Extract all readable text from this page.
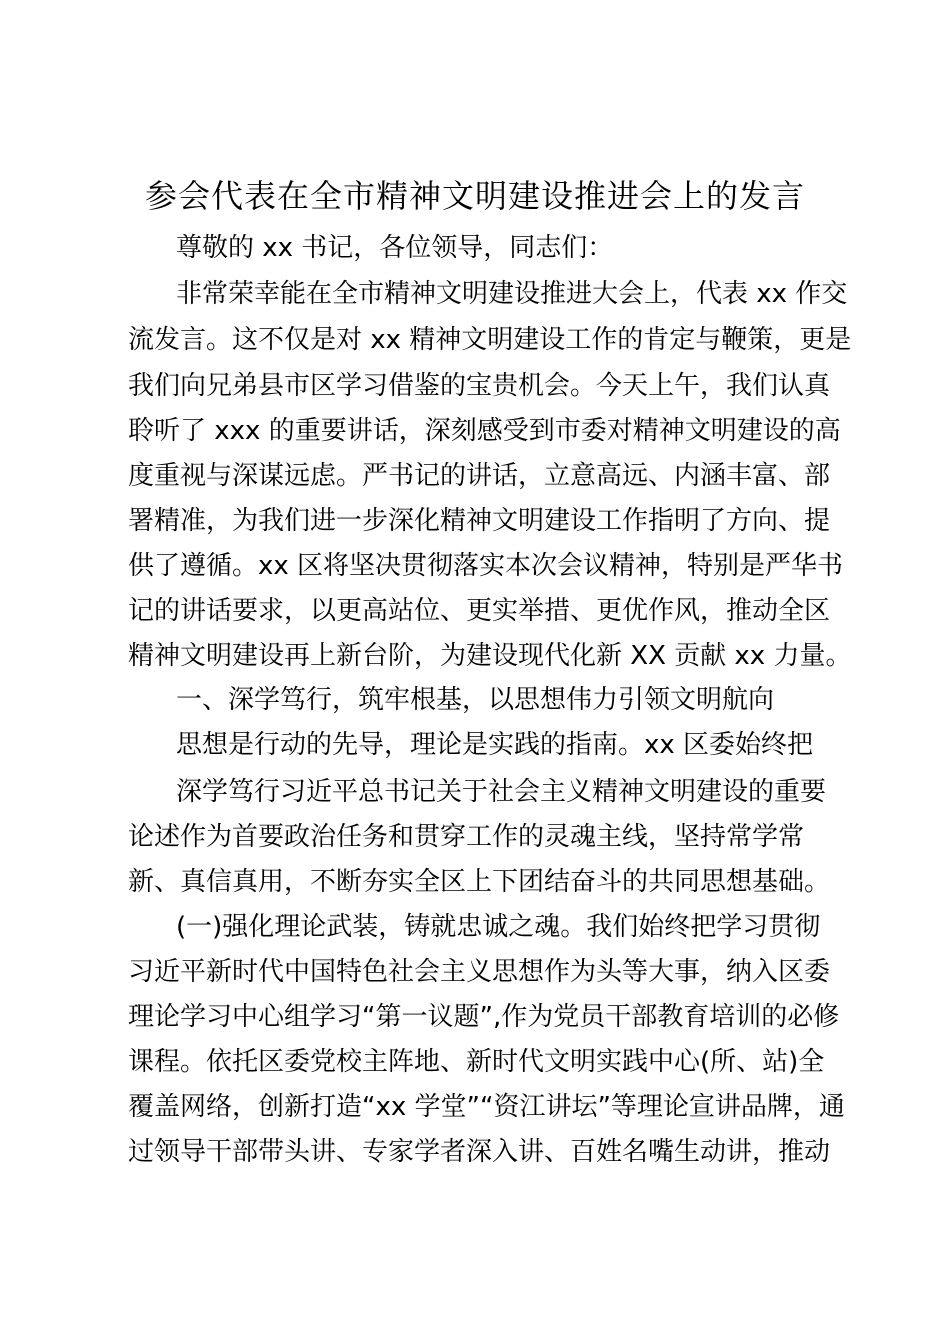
参会代表在全市精神文明建设推进会上的发言

尊敬的 xx 书记，各位领导，同志们：

非常荣幸能在全市精神文明建设推进大会上，代表 xx 作交

流发言。这不仅是对 xx 精神文明建设工作的肯定与鞭策，更是

我们向兄弟县市区学习借鉴的宝贵机会。今天上午，我们认真

聆听了 xxx 的重要讲话，深刻感受到市委对精神文明建设的高

度重视与深谋远虑。严书记的讲话，立意高远、内涵丰富、部

署精准，为我们进一步深化精神文明建设工作指明了方向、提

供了遵循。xx 区将坚决贯彻落实本次会议精神，特别是严华书

记的讲话要求，以更高站位、更实举措、更优作风，推动全区

精神文明建设再上新台阶，为建设现代化新 XX 贡献 xx 力量。

一、深学笃行，筑牢根基，以思想伟力引领文明航向

思想是行动的先导，理论是实践的指南。xx 区委始终把

深学笃行习近平总书记关于社会主义精神文明建设的重要

论述作为首要政治任务和贯穿工作的灵魂主线，坚持常学常

新、真信真用，不断夯实全区上下团结奋斗的共同思想基础。

(一)强化理论武装，铸就忠诚之魂。我们始终把学习贯彻

习近平新时代中国特色社会主义思想作为头等大事，纳入区委

理论学习中心组学习“第一议题”,作为党员干部教育培训的必修

课程。依托区委党校主阵地、新时代文明实践中心(所、站)全

覆盖网络，创新打造“xx 学堂”“资江讲坛”等理论宣讲品牌，通

过领导干部带头讲、专家学者深入讲、百姓名嘴生动讲，推动
